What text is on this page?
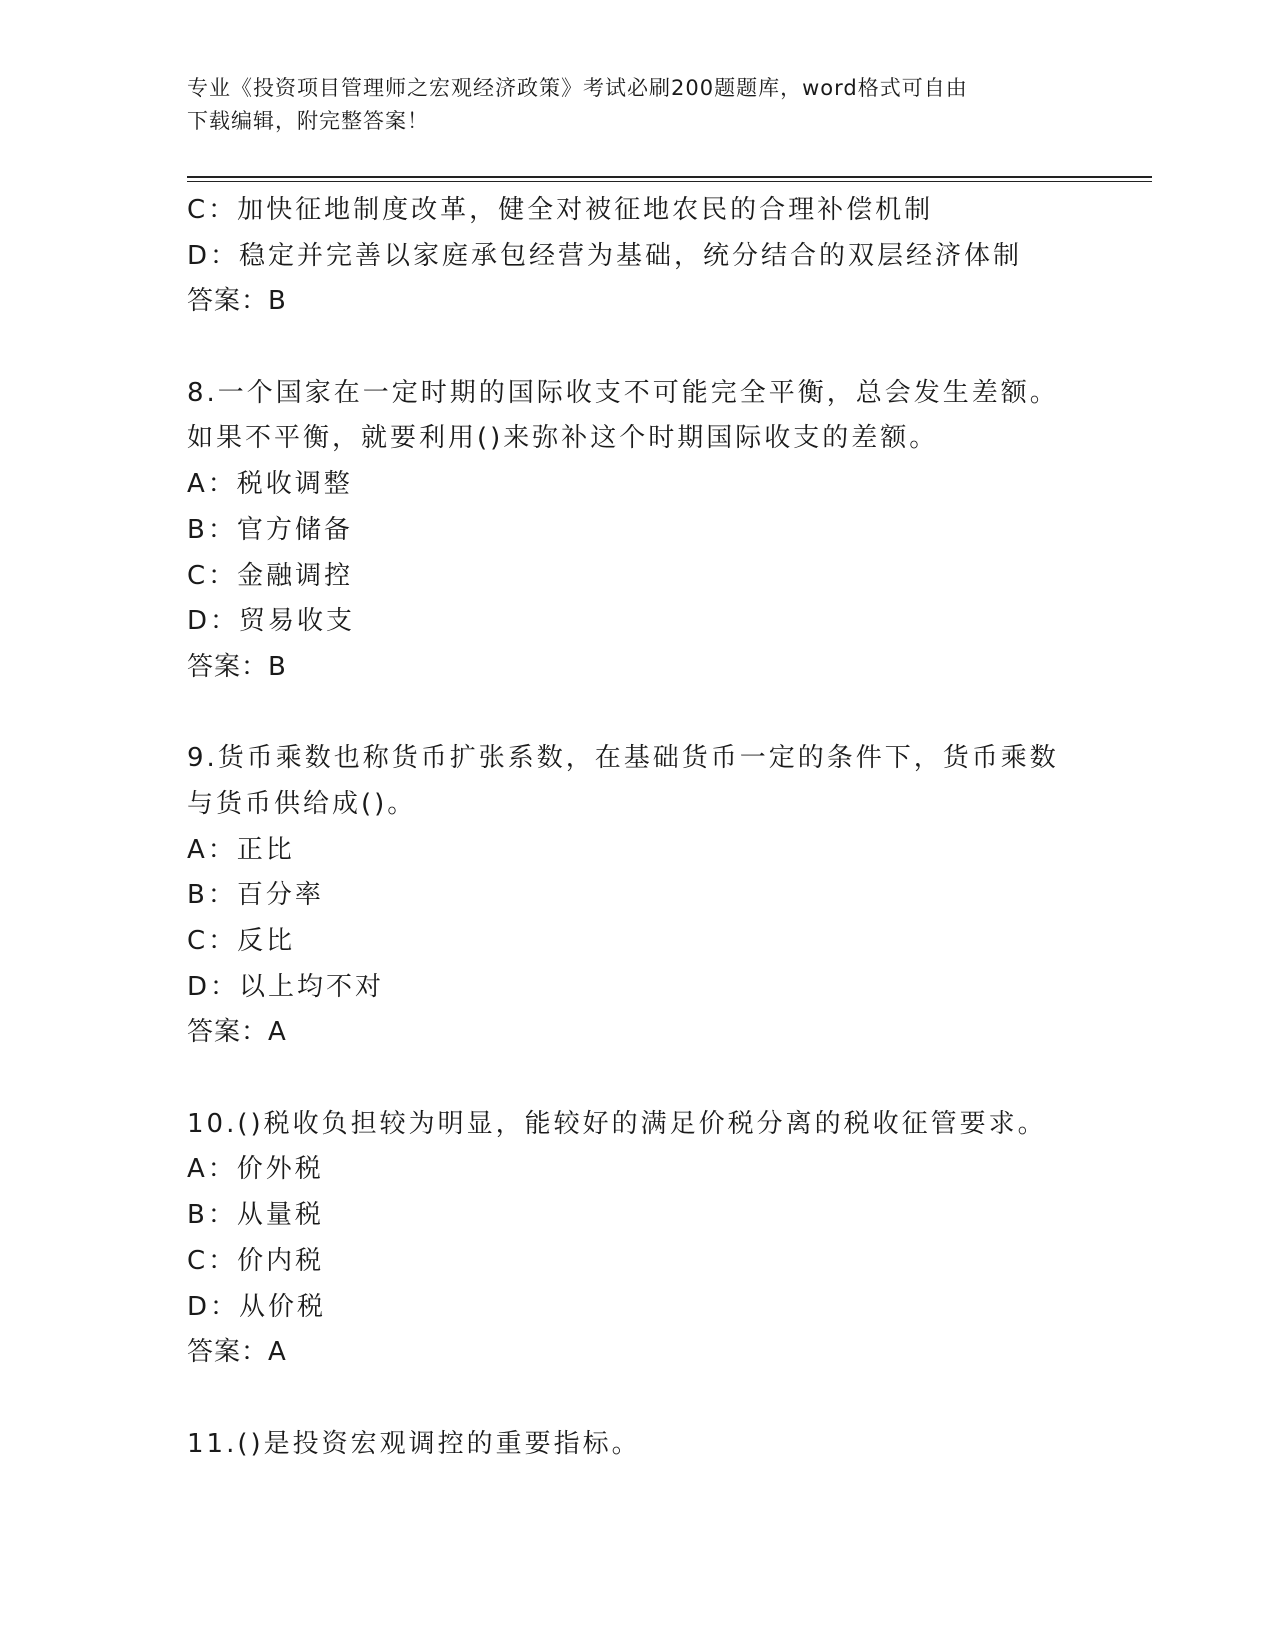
专业《投资项目管理师之宏观经济政策》考试必刷200题题库，word格式可自由
下载编辑，附完整答案！
C：加快征地制度改革，健全对被征地农民的合理补偿机制
D：稳定并完善以家庭承包经营为基础，统分结合的双层经济体制
答案：B
8.一个国家在一定时期的国际收支不可能完全平衡，总会发生差额。
如果不平衡，就要利用()来弥补这个时期国际收支的差额。
A：税收调整
B：官方储备
C：金融调控
D：贸易收支
答案：B
9.货币乘数也称货币扩张系数，在基础货币一定的条件下，货币乘数
与货币供给成()。
A：正比
B：百分率
C：反比
D：以上均不对
答案：A
10.()税收负担较为明显，能较好的满足价税分离的税收征管要求。
A：价外税
B：从量税
C：价内税
D：从价税
答案：A
11.()是投资宏观调控的重要指标。
